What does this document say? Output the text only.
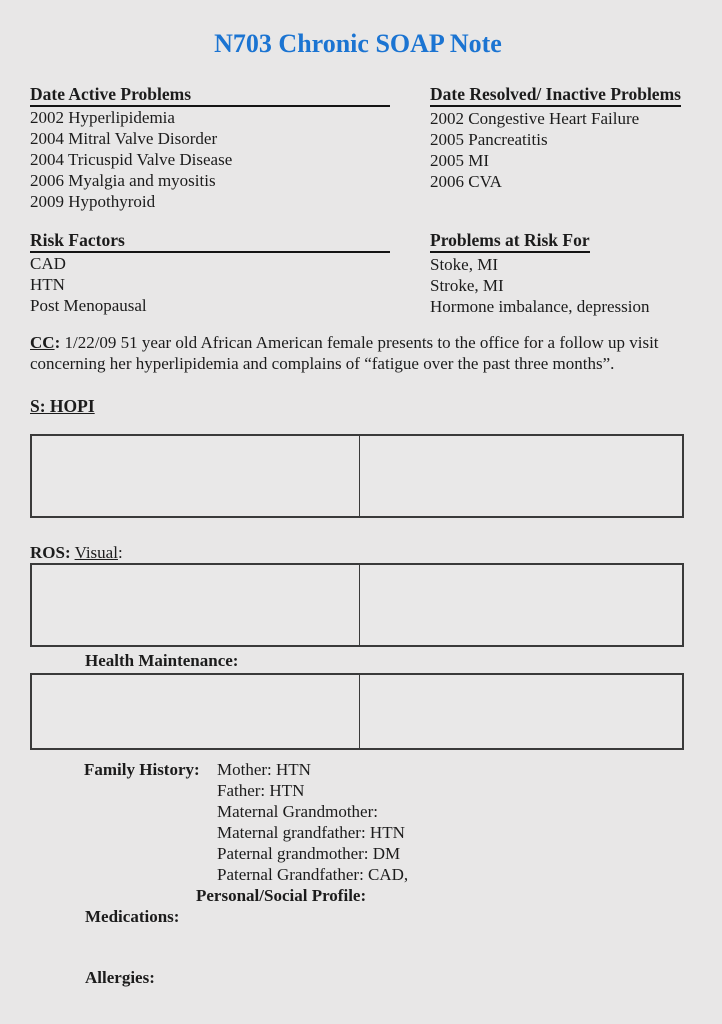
N703 Chronic SOAP Note
Date Active Problems
2002 Hyperlipidemia
2004 Mitral Valve Disorder
2004 Tricuspid Valve Disease
2006 Myalgia and myositis
2009 Hypothyroid
Date Resolved/ Inactive Problems
2002 Congestive Heart Failure
2005 Pancreatitis
2005 MI
2006 CVA
Risk Factors
CAD
HTN
Post Menopausal
Problems at Risk For
Stoke, MI
Stroke, MI
Hormone imbalance, depression

CC: 1/22/09 51 year old African American female presents to the office for a follow up visit concerning her hyperlipidemia and complains of “fatigue over the past three months”.

S: HOPI
ROS: Visual:
Health Maintenance:
Family History:	Mother: HTN
Father: HTN
Maternal Grandmother:
Maternal grandfather: HTN
Paternal grandmother: DM
Paternal Grandfather: CAD,
Personal/Social Profile:
Medications:
Allergies:
